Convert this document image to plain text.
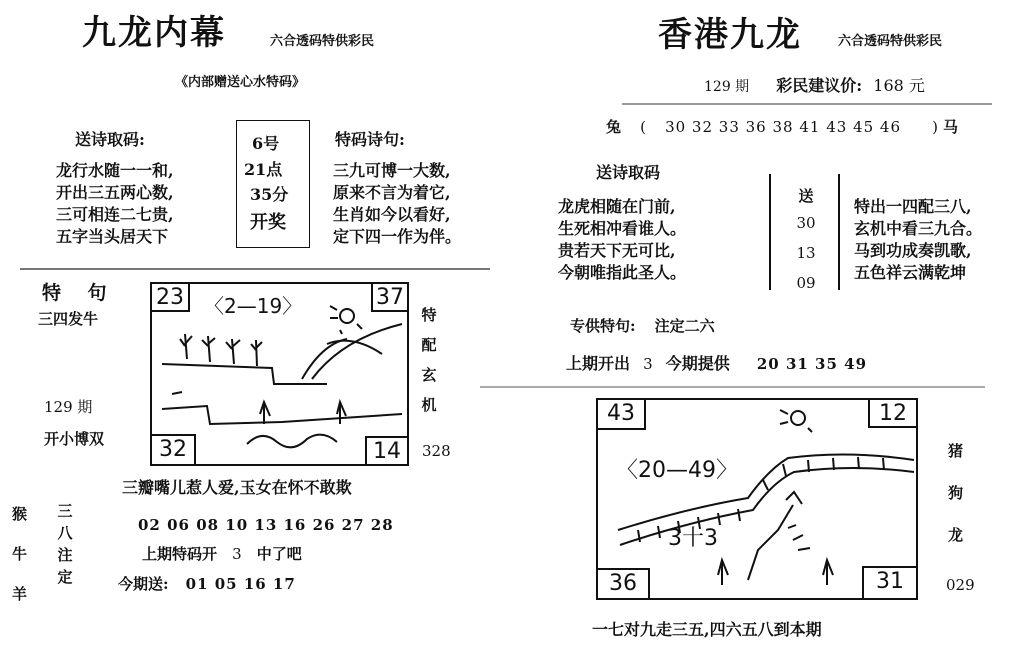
九龙内幕	六合透码特供彩民
《内部赠送心水特码》
送诗取码:
龙行水随一一和,
开出三五两心数,
三可相连二七贵,
五字当头居天下
6号
21点
35分
开奖
特码诗句:
三九可博一大数,
原来不言为着它,
生肖如今以看好,
定下四一作为伴。
特    句
三四发牛
129 期
开小博双
23	37
32	14
〈2—19〉	特配玄机
328
三瓣嘴儿惹人爱,玉女在怀不敢欺
猴
牛
羊
三八注定
02 06 08 10 13 16 26 27 28
上期特码开 3 中了吧
今期送: 01 05 16 17
香港九龙	六合透码特供彩民
129 期 彩民建议价: 168 元
兔 ( 30 32 33 36 38 41 43 45 46 ) 马
送诗取码
龙虎相随在门前,
生死相冲看谁人。
贵若天下无可比,
今朝唯指此圣人。
送
30
13
09
特出一四配三八,
玄机中看三九合。
马到功成奏凯歌,
五色祥云满乾坤
专供特句: 注定二六
上期开出 3 今期提供 20 31 35 49
43	12
36	31
〈20—49〉
3十3
猪
狗
龙
029
一七对九走三五,四六五八到本期
